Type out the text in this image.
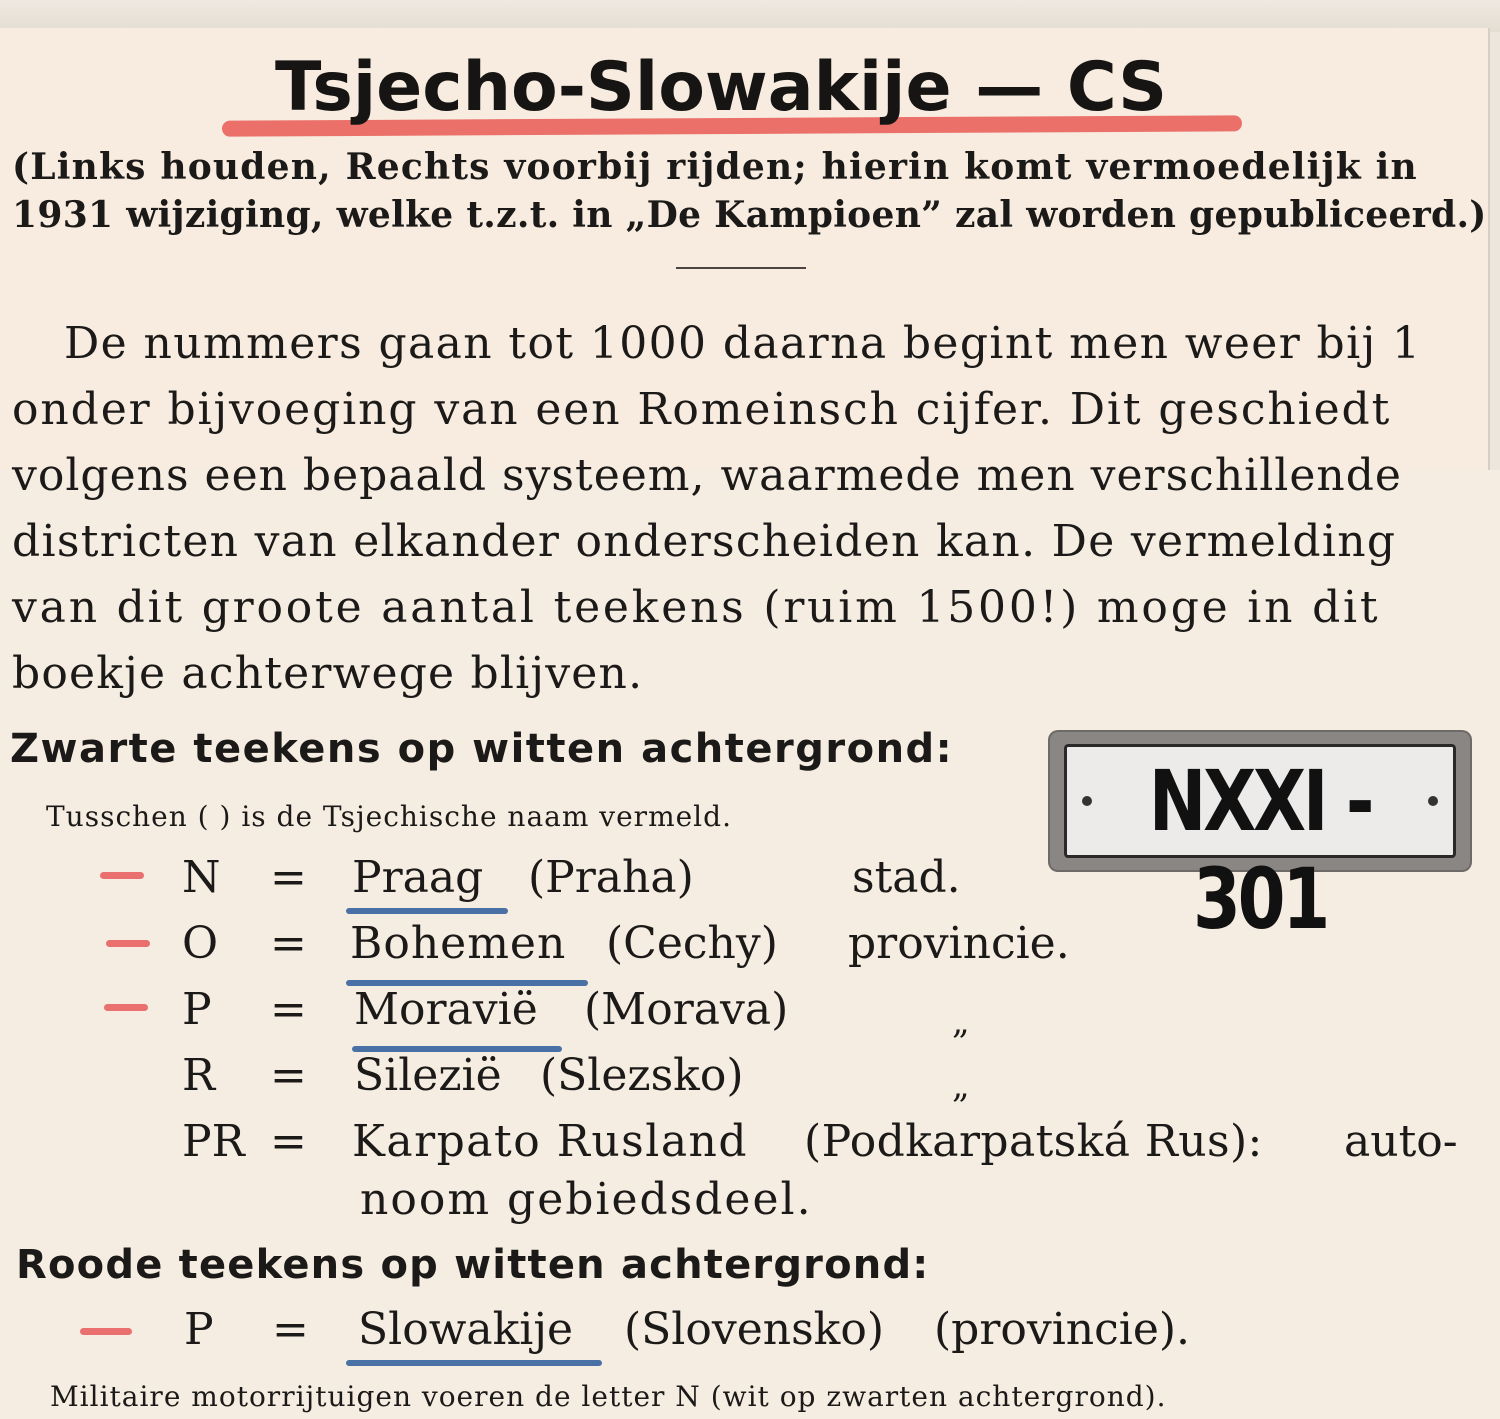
Tsjecho-Slowakije — CS
(Links houden, Rechts voorbij rijden; hierin komt vermoedelijk in
1931 wijziging, welke t.z.t. in „De Kampioen” zal worden gepubliceerd.)
De nummers gaan tot 1000 daarna begint men weer bij 1
onder bijvoeging van een Romeinsch cijfer. Dit geschiedt
volgens een bepaald systeem, waarmede men verschillende
districten van elkander onderscheiden kan. De vermelding
van dit groote aantal teekens (ruim 1500!) moge in dit
boekje achterwege blijven.
Zwarte teekens op witten achtergrond:
Tusschen ( ) is de Tsjechische naam vermeld.	NXXI - 301
N = Praag (Praha)	stad.
O = Bohemen (Cechy) provincie.
P = Moravië (Morava)	„
R = Silezië (Slezsko)	„
PR = Karpato Rusland (Podkarpatská Rus): auto-
noom gebiedsdeel.
Roode teekens op witten achtergrond:
P = Slowakije (Slovensko) (provincie).
Militaire motorrijtuigen voeren de letter N (wit op zwarten achtergrond).
